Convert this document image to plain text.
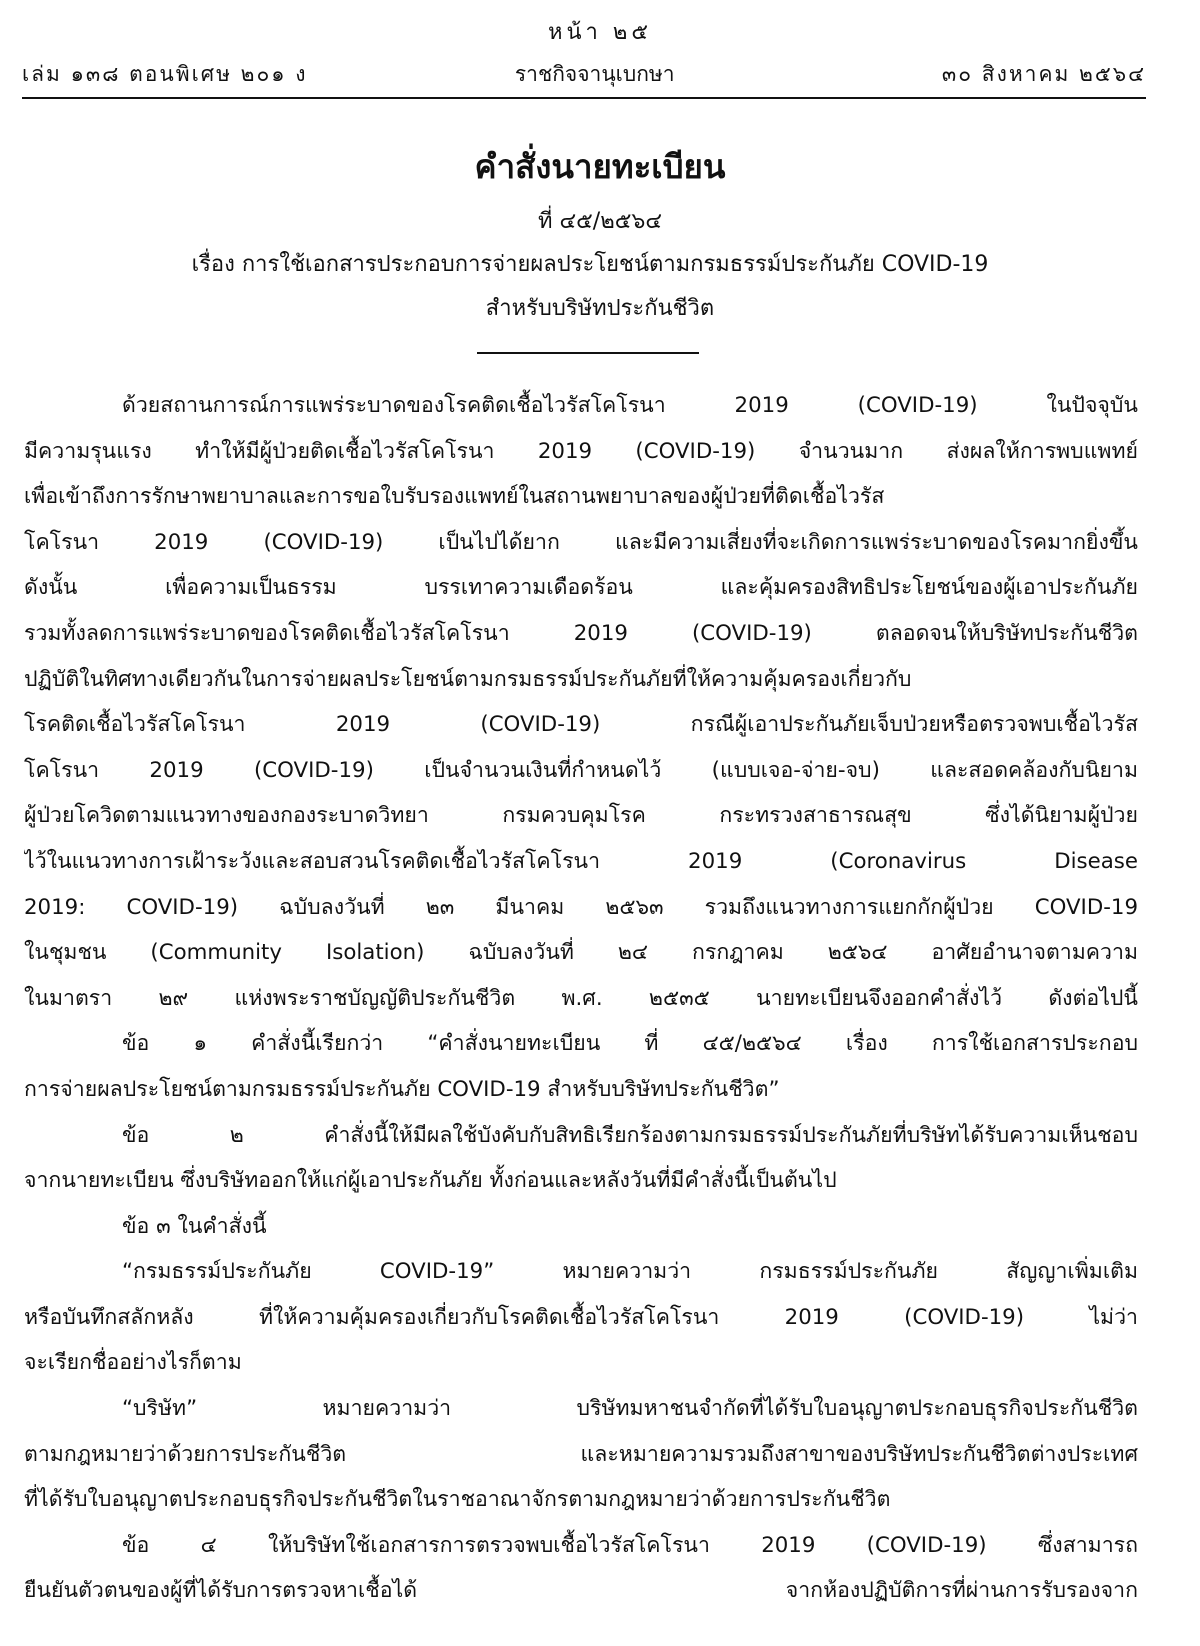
หน้า ๒๕
เล่ม ๑๓๘ ตอนพิเศษ ๒๐๑ ง	ราชกิจจานุเบกษา	๓๐ สิงหาคม ๒๕๖๔
คำสั่งนายทะเบียน
ที่ ๔๕/๒๕๖๔
เรื่อง การใช้เอกสารประกอบการจ่ายผลประโยชน์ตามกรมธรรม์ประกันภัย COVID-19
สำหรับบริษัทประกันชีวิต

ด้วยสถานการณ์การแพร่ระบาดของโรคติดเชื้อไวรัสโคโรนา 2019 (COVID-19) ในปัจจุบัน
มีความรุนแรง ทำให้มีผู้ป่วยติดเชื้อไวรัสโคโรนา 2019 (COVID-19) จำนวนมาก ส่งผลให้การพบแพทย์
เพื่อเข้าถึงการรักษาพยาบาลและการขอใบรับรองแพทย์ในสถานพยาบาลของผู้ป่วยที่ติดเชื้อไวรัส
โคโรนา 2019 (COVID-19) เป็นไปได้ยาก และมีความเสี่ยงที่จะเกิดการแพร่ระบาดของโรคมากยิ่งขึ้น
ดังนั้น เพื่อความเป็นธรรม บรรเทาความเดือดร้อน และคุ้มครองสิทธิประโยชน์ของผู้เอาประกันภัย
รวมทั้งลดการแพร่ระบาดของโรคติดเชื้อไวรัสโคโรนา 2019 (COVID-19) ตลอดจนให้บริษัทประกันชีวิต
ปฏิบัติในทิศทางเดียวกันในการจ่ายผลประโยชน์ตามกรมธรรม์ประกันภัยที่ให้ความคุ้มครองเกี่ยวกับ
โรคติดเชื้อไวรัสโคโรนา 2019 (COVID-19) กรณีผู้เอาประกันภัยเจ็บป่วยหรือตรวจพบเชื้อไวรัส
โคโรนา 2019 (COVID-19) เป็นจำนวนเงินที่กำหนดไว้ (แบบเจอ-จ่าย-จบ) และสอดคล้องกับนิยาม
ผู้ป่วยโควิดตามแนวทางของกองระบาดวิทยา กรมควบคุมโรค กระทรวงสาธารณสุข ซึ่งได้นิยามผู้ป่วย
ไว้ในแนวทางการเฝ้าระวังและสอบสวนโรคติดเชื้อไวรัสโคโรนา 2019 (Coronavirus Disease
2019: COVID-19) ฉบับลงวันที่ ๒๓ มีนาคม ๒๕๖๓ รวมถึงแนวทางการแยกกักผู้ป่วย COVID-19
ในชุมชน (Community Isolation) ฉบับลงวันที่ ๒๔ กรกฎาคม ๒๕๖๔ อาศัยอำนาจตามความ
ในมาตรา ๒๙ แห่งพระราชบัญญัติประกันชีวิต พ.ศ. ๒๕๓๕ นายทะเบียนจึงออกคำสั่งไว้ ดังต่อไปนี้

ข้อ ๑ คำสั่งนี้เรียกว่า “คำสั่งนายทะเบียน ที่ ๔๕/๒๕๖๔ เรื่อง การใช้เอกสารประกอบ
การจ่ายผลประโยชน์ตามกรมธรรม์ประกันภัย COVID-19 สำหรับบริษัทประกันชีวิต”

ข้อ ๒ คำสั่งนี้ให้มีผลใช้บังคับกับสิทธิเรียกร้องตามกรมธรรม์ประกันภัยที่บริษัทได้รับความเห็นชอบ
จากนายทะเบียน ซึ่งบริษัทออกให้แก่ผู้เอาประกันภัย ทั้งก่อนและหลังวันที่มีคำสั่งนี้เป็นต้นไป

ข้อ ๓ ในคำสั่งนี้

“กรมธรรม์ประกันภัย COVID-19” หมายความว่า กรมธรรม์ประกันภัย สัญญาเพิ่มเติม
หรือบันทึกสลักหลัง ที่ให้ความคุ้มครองเกี่ยวกับโรคติดเชื้อไวรัสโคโรนา 2019 (COVID-19) ไม่ว่า
จะเรียกชื่ออย่างไรก็ตาม

“บริษัท” หมายความว่า บริษัทมหาชนจำกัดที่ได้รับใบอนุญาตประกอบธุรกิจประกันชีวิต
ตามกฎหมายว่าด้วยการประกันชีวิต และหมายความรวมถึงสาขาของบริษัทประกันชีวิตต่างประเทศ
ที่ได้รับใบอนุญาตประกอบธุรกิจประกันชีวิตในราชอาณาจักรตามกฎหมายว่าด้วยการประกันชีวิต

ข้อ ๔ ให้บริษัทใช้เอกสารการตรวจพบเชื้อไวรัสโคโรนา 2019 (COVID-19) ซึ่งสามารถ
ยืนยันตัวตนของผู้ที่ได้รับการตรวจหาเชื้อได้ จากห้องปฏิบัติการที่ผ่านการรับรองจาก
